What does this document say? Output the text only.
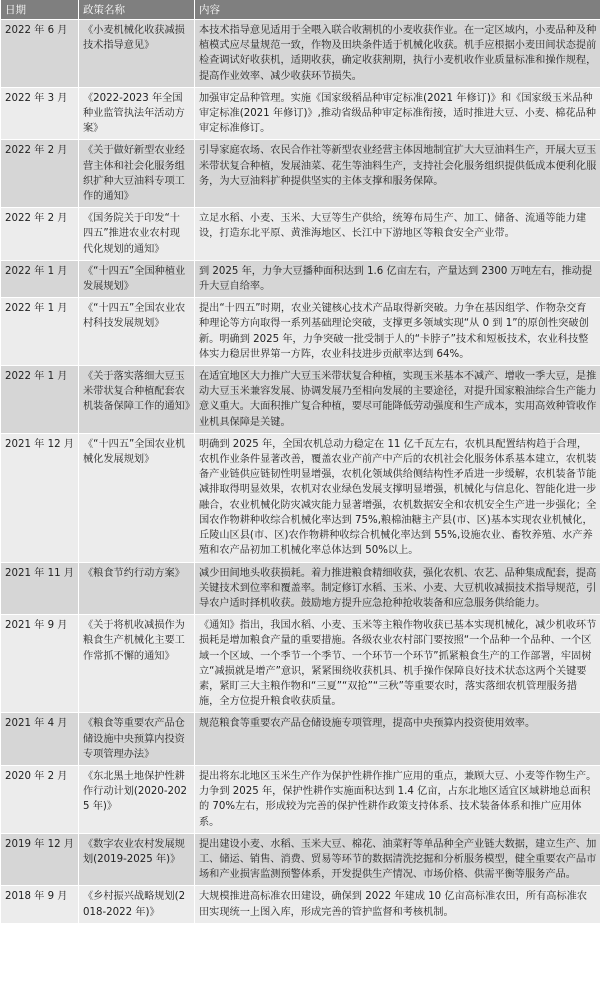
日期	政策名称	内容
2022 年 6 月	《小麦机械化收获减损技术指导意见》	本技术指导意见适用于全喂入联合收割机的小麦收获作业。在一定区域内，小麦品种及种植模式应尽量规范一致，作物及田块条件适于机械化收获。机手应根据小麦田间状态提前检查调试好收获机，适期收获，确定收获割期，执行小麦机收作业质量标准和操作规程，提高作业效率、减少收获环节损失。
2022 年 3 月	《2022-2023 年全国种业监管执法年活动方案》	加强审定品种管理。实施《国家级稻品种审定标准(2021 年修订)》和《国家级玉米品种审定标准(2021 年修订)》,推动省级品种审定标准衔接，适时推进大豆、小麦、棉花品种审定标准修订。
2022 年 2 月	《关于做好新型农业经营主体和社会化服务组织扩种大豆油料专项工作的通知》	引导家庭农场、农民合作社等新型农业经营主体因地制宜扩大大豆油料生产，开展大豆玉米带状复合种植，发展油菜、花生等油料生产，支持社会化服务组织提供低成本便利化服务，为大豆油料扩种提供坚实的主体支撑和服务保障。
2022 年 2 月	《国务院关于印发“十四五”推进农业农村现代化规划的通知》	立足水稻、小麦、玉米、大豆等生产供给，统筹布局生产、加工、储备、流通等能力建设，打造东北平原、黄淮海地区、长江中下游地区等粮食安全产业带。
2022 年 1 月	《“十四五”全国种植业发展规划》	到 2025 年，力争大豆播种面积达到 1.6 亿亩左右，产量达到 2300 万吨左右，推动提升大豆自给率。
2022 年 1 月	《“十四五”全国农业农村科技发展规划》	提出“十四五”时期，农业关键核心技术产品取得新突破。力争在基因组学、作物杂交育种理论等方向取得一系列基础理论突破，支撑更多领域实现“从 0 到 1”的原创性突破创新。明确到 2025 年，力争突破一批受制于人的“卡脖子”技术和短板技术，农业科技整体实力稳居世界第一方阵，农业科技进步贡献率达到 64%。
2022 年 1 月	《关于落实落细大豆玉米带状复合种植配套农机装备保障工作的通知》	在适宜地区大力推广大豆玉米带状复合种植，实现玉米基本不减产、增收一季大豆，是推动大豆玉米兼容发展、协调发展乃至相向发展的主要途径，对提升国家粮油综合生产能力意义重大。大面积推广复合种植，要尽可能降低劳动强度和生产成本，实用高效种管收作业机具保障是关键。
2021 年 12 月	《“十四五”全国农业机械化发展规划》	明确到 2025 年，全国农机总动力稳定在 11 亿千瓦左右，农机具配置结构趋于合理，农机作业条件显著改善，覆盖农业产前产中产后的农机社会化服务体系基本建立，农机装备产业链供应链韧性明显增强，农机化领域供给侧结构性矛盾进一步缓解，农机装备节能减排取得明显效果，农机对农业绿色发展支撑明显增强，机械化与信息化、智能化进一步融合，农业机械化防灾减灾能力显著增强，农机数据安全和农机安全生产进一步强化；全国农作物耕种收综合机械化率达到 75%,粮棉油糖主产县(市、区)基本实现农业机械化，丘陵山区县(市、区)农作物耕种收综合机械化率达到 55%,设施农业、畜牧养殖、水产养殖和农产品初加工机械化率总体达到 50%以上。
2021 年 11 月	《粮食节约行动方案》	减少田间地头收获损耗。着力推进粮食精细收获，强化农机、农艺、品种集成配套，提高关键技术到位率和覆盖率。制定修订水稻、玉米、小麦、大豆机收减损技术指导规范，引导农户适时择机收获。鼓励地方提升应急抢种抢收装备和应急服务供给能力。
2021 年 9 月	《关于将机收减损作为粮食生产机械化主要工作常抓不懈的通知》	《通知》指出，我国水稻、小麦、玉米等主粮作物收获已基本实现机械化，减少机收环节损耗是增加粮食产量的重要措施。各级农业农村部门要按照“一个品种一个品种、一个区域一个区域、一个季节一个季节、一个环节一个环节”抓紧粮食生产的工作部署，牢固树立“减损就是增产”意识，紧紧围绕收获机具、机手操作保障良好技术状态这两个关键要素，紧盯三大主粮作物和“三夏”“双抢”“三秋”等重要农时，落实落细农机管理服务措施，全方位提升粮食收获质量。
2021 年 4 月	《粮食等重要农产品仓储设施中央预算内投资专项管理办法》	规范粮食等重要农产品仓储设施专项管理，提高中央预算内投资使用效率。
2020 年 2 月	《东北黑土地保护性耕作行动计划(2020-2025 年)》	提出将东北地区玉米生产作为保护性耕作推广应用的重点，兼顾大豆、小麦等作物生产。力争到 2025 年，保护性耕作实施面积达到 1.4 亿亩，占东北地区适宜区域耕地总面积的 70%左右，形成较为完善的保护性耕作政策支持体系、技术装备体系和推广应用体系。
2019 年 12 月	《数字农业农村发展规划(2019-2025 年)》	提出建设小麦、水稻、玉米大豆、棉花、油菜籽等单品种全产业链大数据，建立生产、加工、储运、销售、消费、贸易等环节的数据清洗挖掘和分析服务模型，健全重要农产品市场和产业损害监测预警体系，开发提供生产情况、市场价格、供需平衡等服务产品。
2018 年 9 月	《乡村振兴战略规划(2018-2022 年)》	大规模推进高标准农田建设，确保到 2022 年建成 10 亿亩高标准农田，所有高标准农田实现统一上图入库，形成完善的管护监督和考核机制。
